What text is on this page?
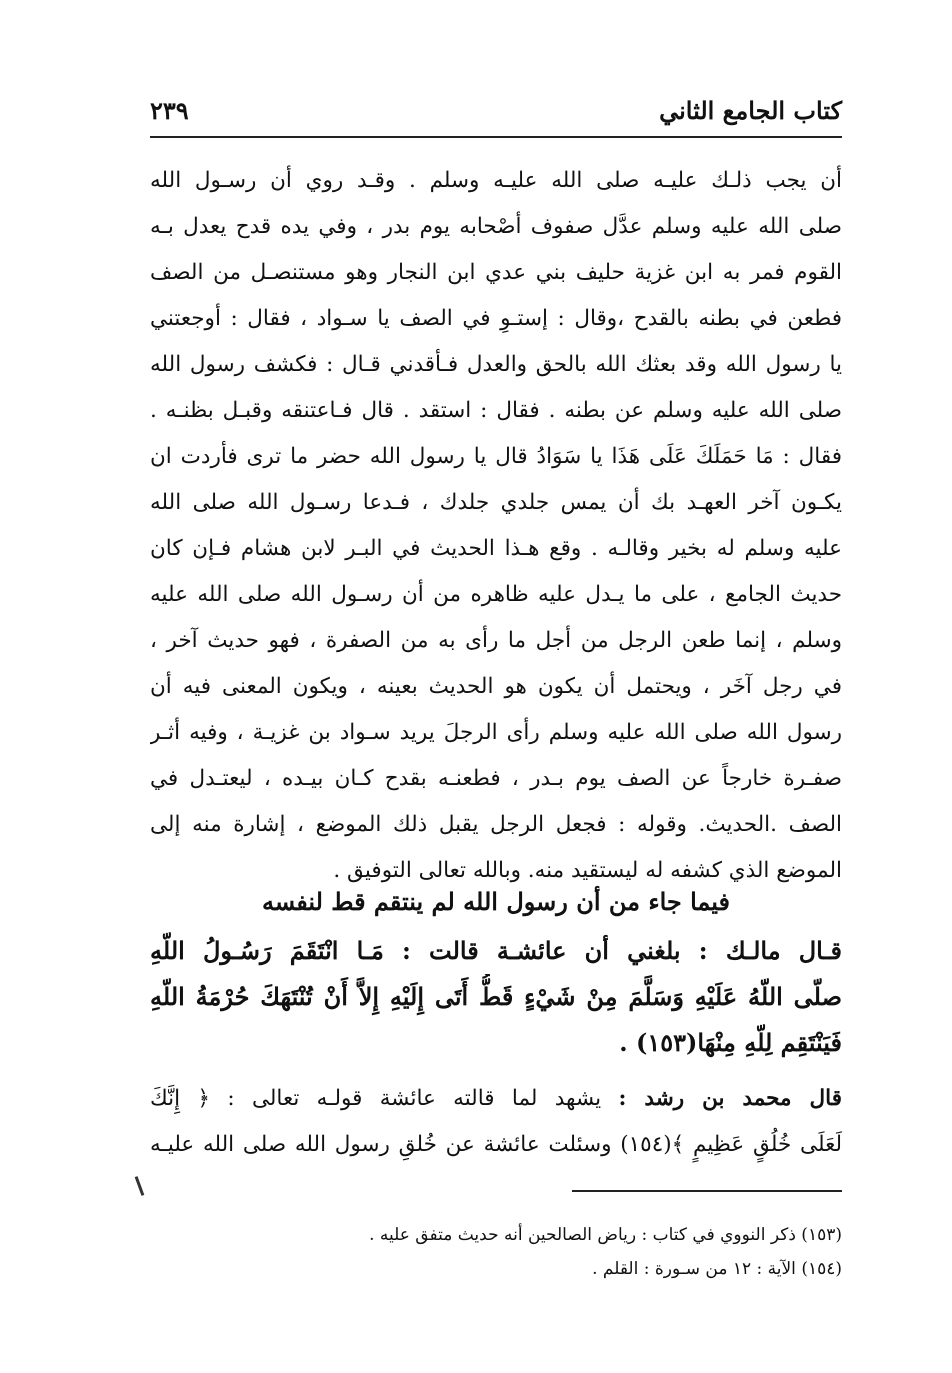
كتاب الجامع الثاني
٢٣٩
أن يجب ذلـك عليـه صلى الله عليـه وسلم . وقـد روي أن رسـول الله
صلى الله عليه وسلم عدَّل صفوف أصْحابه يوم بدر ، وفي يده قدح يعدل بـه
القوم فمر به ابن غزية حليف بني عدي ابن النجار وهو مستنصـل من الصف
فطعن في بطنه بالقدح ،وقال : إستـوِ في الصف يا سـواد ، فقال : أوجعتني
يا رسول الله وقد بعثك الله بالحق والعدل فـأقدني قـال : فكشف رسول الله
صلى الله عليه وسلم عن بطنه . فقال : استقد . قال فـاعتنقه وقبـل بظنـه .
فقال : مَا حَمَلَكَ عَلَى هَذَا يا سَوَادُ قال يا رسول الله حضر ما ترى فأردت ان
يكـون آخر العهـد بك أن يمس جلدي جلدك ، فـدعا رسـول الله صلى الله
عليه وسلم له بخير وقالـه . وقع هـذا الحديث في البـر لابن هشام فـإن كان
حديث الجامع ، على ما يـدل عليه ظاهره من أن رسـول الله صلى الله عليه
وسلم ، إنما طعن الرجل من أجل ما رأى به من الصفرة ، فهو حديث آخر ،
في رجل آخَر ، ويحتمل أن يكون هو الحديث بعينه ، ويكون المعنى فيه أن
رسول الله صلى الله عليه وسلم رأى الرجلَ يريد سـواد بن غزيـة ، وفيه أثـر
صفـرة خارجاً عن الصف يوم بـدر ، فطعنـه بقدح كـان بيـده ، ليعتـدل في
الصف .الحديث. وقوله : فجعل الرجل يقبل ذلك الموضع ، إشارة منه إلى
الموضع الذي كشفه له ليستقيد منه. وبالله تعالى التوفيق .
فيما جاء من أن رسول الله لم ينتقم قط لنفسه
قـال مالـك : بلغني أن عائشـة قالت : مَـا انْتَقَمَ رَسُـولُ اللّهِ
صلّى اللّهُ عَلَيْهِ وَسَلَّمَ مِنْ شَيْءٍ قَطُّ أَتَى إِلَيْهِ إِلاَّ أَنْ تُنْتَهَكَ حُرْمَةُ اللّهِ
فَيَنْتَقِم لِلّهِ مِنْهَا(١٥٣) .
قال محمد بن رشد : يشهد لما قالته عائشة قولـه تعالى : ﴿ إِنَّكَ
لَعَلَى خُلُقٍ عَظِيمٍ ﴾(١٥٤) وسئلت عائشة عن خُلقِ رسول الله صلى الله عليـه
(١٥٣) ذكر النووي في كتاب : رياض الصالحين أنه حديث متفق عليه .
(١٥٤) الآية : ١٢ من سـورة : القلم .
